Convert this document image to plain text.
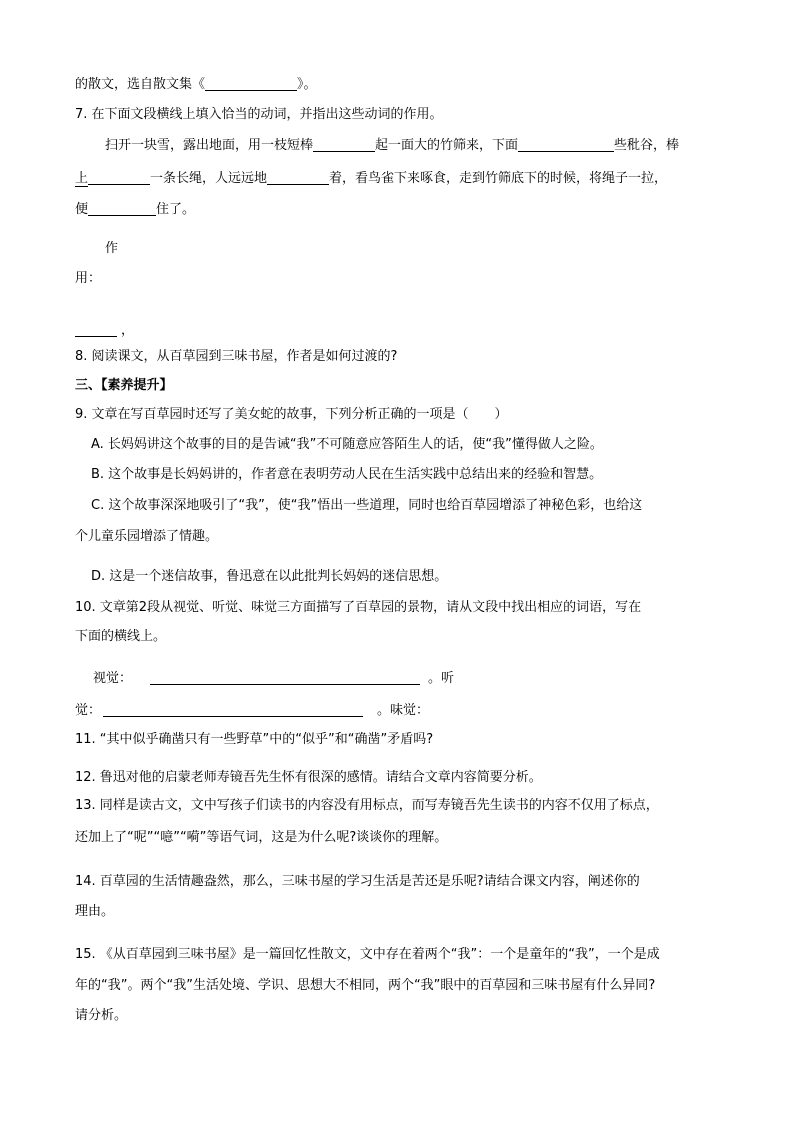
的散文，选自散文集《	》。
7. 在下面文段横线上填入恰当的动词，并指出这些动词的作用。
扫开一块雪，露出地面，用一枝短棒	起一面大的竹筛来，下面	些秕谷，棒
上	一条长绳，人远远地	着，看鸟雀下来啄食，走到竹筛底下的时候，将绳子一拉，
便	住了。
作
用：
，
8. 阅读课文，从百草园到三味书屋，作者是如何过渡的?
三、【素养提升】
9. 文章在写百草园时还写了美女蛇的故事，下列分析正确的一项是（　　）
A. 长妈妈讲这个故事的目的是告诫“我”不可随意应答陌生人的话，使“我”懂得做人之险。
B. 这个故事是长妈妈讲的，作者意在表明劳动人民在生活实践中总结出来的经验和智慧。
C. 这个故事深深地吸引了“我”，使“我”悟出一些道理，同时也给百草园增添了神秘色彩，也给这
个儿童乐园增添了情趣。
D. 这是一个迷信故事，鲁迅意在以此批判长妈妈的迷信思想。
10. 文章第2段从视觉、听觉、味觉三方面描写了百草园的景物，请从文段中找出相应的词语，写在
下面的横线上。
视觉：	。听
觉：	。味觉：
11. “其中似乎确凿只有一些野草”中的“似乎”和“确凿”矛盾吗?
12. 鲁迅对他的启蒙老师寿镜吾先生怀有很深的感情。请结合文章内容简要分析。
13. 同样是读古文，文中写孩子们读书的内容没有用标点，而写寿镜吾先生读书的内容不仅用了标点，
还加上了“呢”“噫”“嗬”等语气词，这是为什么呢?谈谈你的理解。
14. 百草园的生活情趣盎然，那么，三味书屋的学习生活是苦还是乐呢?请结合课文内容，阐述你的
理由。
15. 《从百草园到三味书屋》是一篇回忆性散文，文中存在着两个“我”：一个是童年的“我”，一个是成
年的“我”。两个“我”生活处境、学识、思想大不相同，两个“我”眼中的百草园和三味书屋有什么异同?
请分析。
